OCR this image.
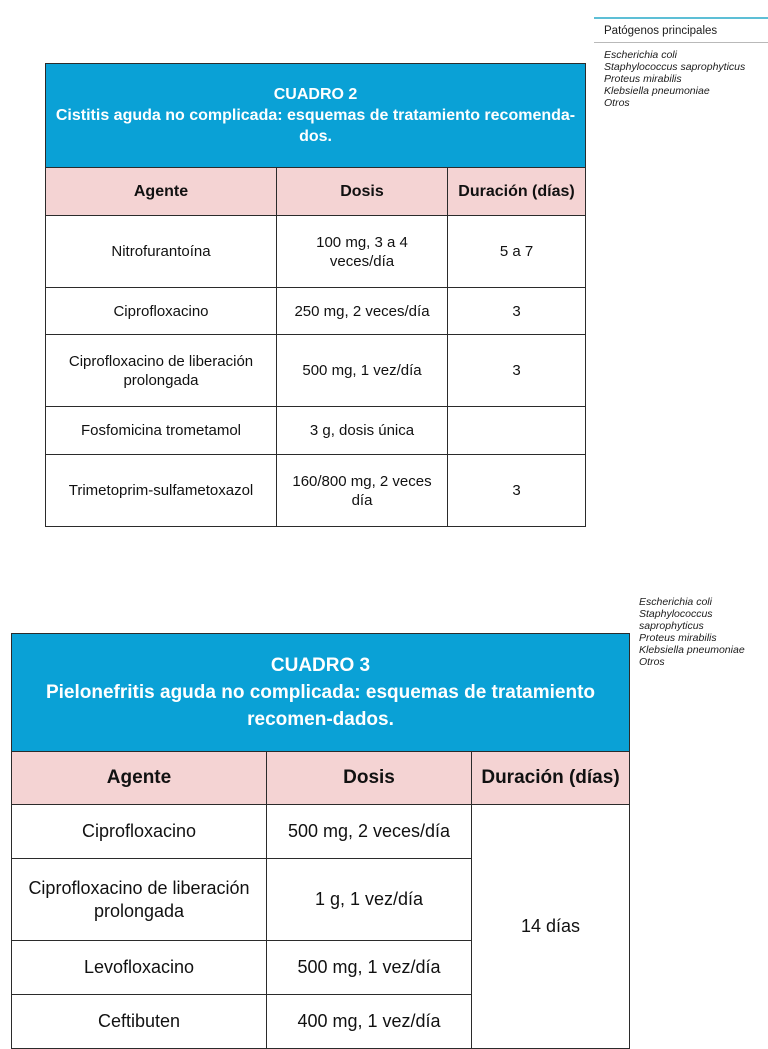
Patógenos principales
Escherichia coli
Staphylococcus saprophyticus
Proteus mirabilis
Klebsiella pneumoniae
Otros
Escherichia coli
Staphylococcus saprophyticus
Proteus mirabilis
Klebsiella pneumoniae
Otros
CUADRO 2
Cistitis aguda no complicada: esquemas de tratamiento recomenda-dos.		
Agente	Dosis	Duración (días)
Nitrofurantoína	100 mg, 3 a 4 veces/día	5 a 7
Ciprofloxacino	250 mg, 2 veces/día	3
Ciprofloxacino de liberación prolongada	500 mg, 1 vez/día	3
Fosfomicina trometamol	3 g, dosis única	
Trimetoprim-sulfametoxazol	160/800 mg, 2 veces día	3
CUADRO 3
Pielonefritis aguda no complicada: esquemas de tratamiento recomen-dados.		
Agente	Dosis	Duración (días)
Ciprofloxacino	500 mg, 2 veces/día	14 días
Ciprofloxacino de liberación prolongada	1 g, 1 vez/día	
Levofloxacino	500 mg, 1 vez/día	
Ceftibuten	400 mg, 1 vez/día	
